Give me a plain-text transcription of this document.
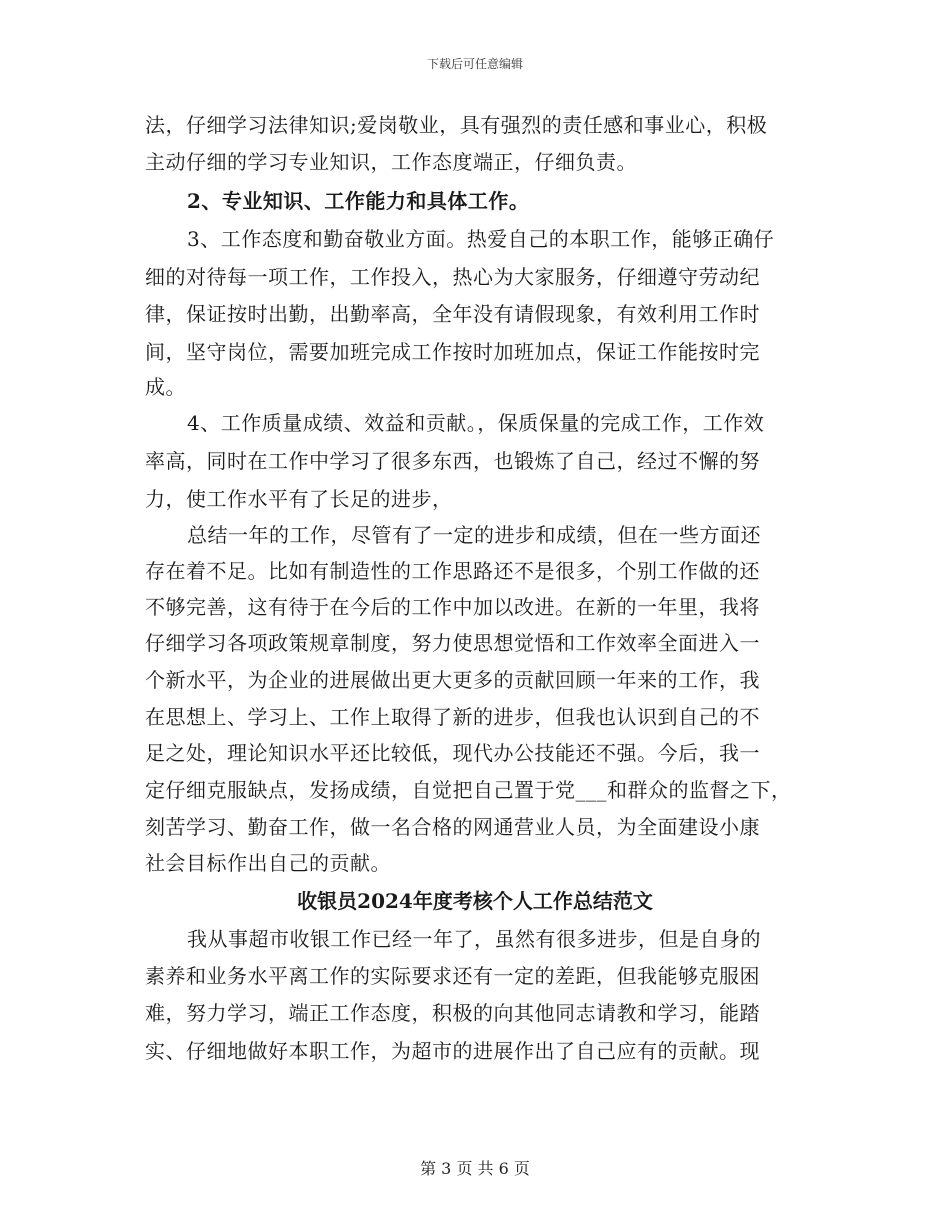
下载后可任意编辑
法，仔细学习法律知识;爱岗敬业，具有强烈的责任感和事业心，积极
主动仔细的学习专业知识，工作态度端正，仔细负责。
2、专业知识、工作能力和具体工作。
3、工作态度和勤奋敬业方面。热爱自己的本职工作，能够正确仔
细的对待每一项工作，工作投入，热心为大家服务，仔细遵守劳动纪
律，保证按时出勤，出勤率高，全年没有请假现象，有效利用工作时
间，坚守岗位，需要加班完成工作按时加班加点，保证工作能按时完
成。
4、工作质量成绩、效益和贡献。，保质保量的完成工作，工作效
率高，同时在工作中学习了很多东西，也锻炼了自己，经过不懈的努
力，使工作水平有了长足的进步，
总结一年的工作，尽管有了一定的进步和成绩，但在一些方面还
存在着不足。比如有制造性的工作思路还不是很多，个别工作做的还
不够完善，这有待于在今后的工作中加以改进。在新的一年里，我将
仔细学习各项政策规章制度，努力使思想觉悟和工作效率全面进入一
个新水平，为企业的进展做出更大更多的贡献回顾一年来的工作，我
在思想上、学习上、工作上取得了新的进步，但我也认识到自己的不
足之处，理论知识水平还比较低，现代办公技能还不强。今后，我一
定仔细克服缺点，发扬成绩，自觉把自己置于党___和群众的监督之下，
刻苦学习、勤奋工作，做一名合格的网通营业人员，为全面建设小康
社会目标作出自己的贡献。
收银员2024年度考核个人工作总结范文
我从事超市收银工作已经一年了，虽然有很多进步，但是自身的
素养和业务水平离工作的实际要求还有一定的差距，但我能够克服困
难，努力学习，端正工作态度，积极的向其他同志请教和学习，能踏
实、仔细地做好本职工作，为超市的进展作出了自己应有的贡献。现
第 3 页 共 6 页
